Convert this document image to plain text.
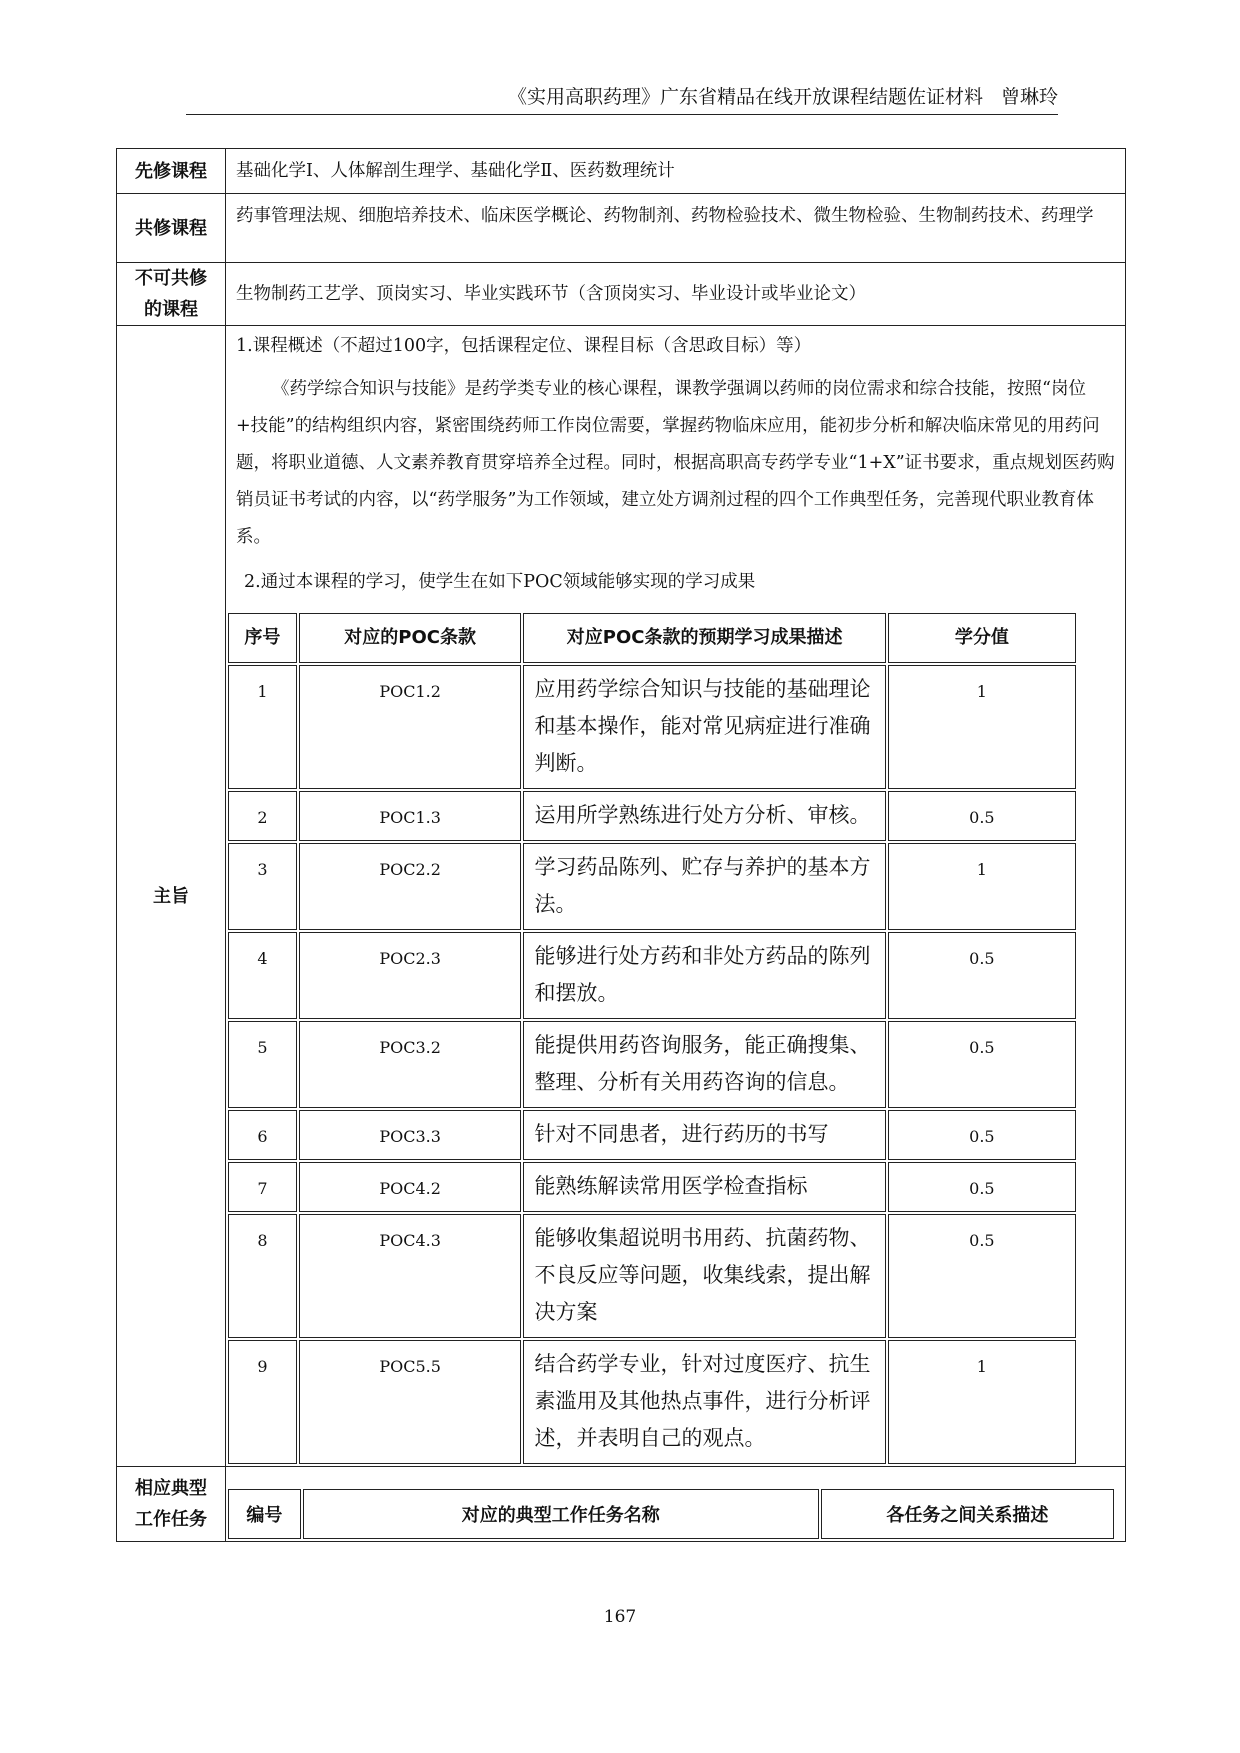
《实用高职药理》广东省精品在线开放课程结题佐证材料 曾琳玲
先修课程	基础化学Ⅰ、人体解剖生理学、基础化学Ⅱ、医药数理统计
共修课程	药事管理法规、细胞培养技术、临床医学概论、药物制剂、药物检验技术、微生物检验、生物制药技术、药理学

不可共修
的课程
	生物制药工艺学、顶岗实习、毕业实践环节（含顶岗实习、毕业设计或毕业论文）
主旨	
1.课程概述（不超过100字，包括课程定位、课程目标（含思政目标）等）

《药学综合知识与技能》是药学类专业的核心课程，课教学强调以药师的岗位需求和综合技能，按照“岗位+技能”的结构组织内容，紧密围绕药师工作岗位需要，掌握药物临床应用，能初步分析和解决临床常见的用药问题，将职业道德、人文素养教育贯穿培养全过程。同时，根据高职高专药学专业“1+X”证书要求，重点规划医药购销员证书考试的内容，以“药学服务”为工作领域，建立处方调剂过程的四个工作典型任务，完善现代职业教育体系。

2.通过本课程的学习，使学生在如下POC领域能够实现的学习成果
序号	对应的POC条款	对应POC条款的预期学习成果描述	学分值
1	POC1.2	应用药学综合知识与技能的基础理论和基本操作，能对常见病症进行准确判断。	1
2	POC1.3	运用所学熟练进行处方分析、审核。	0.5
3	POC2.2	学习药品陈列、贮存与养护的基本方法。	1
4	POC2.3	能够进行处方药和非处方药品的陈列和摆放。	0.5
5	POC3.2	能提供用药咨询服务，能正确搜集、整理、分析有关用药咨询的信息。	0.5
6	POC3.3	针对不同患者，进行药历的书写	0.5
7	POC4.2	能熟练解读常用医学检查指标	0.5
8	POC4.3	能够收集超说明书用药、抗菌药物、不良反应等问题，收集线索，提出解决方案	0.5
9	POC5.5	结合药学专业，针对过度医疗、抗生素滥用及其他热点事件，进行分析评述，并表明自己的观点。	1

相应典型
工作任务
		编号	对应的典型工作任务名称	各任务之间关系描述
167
